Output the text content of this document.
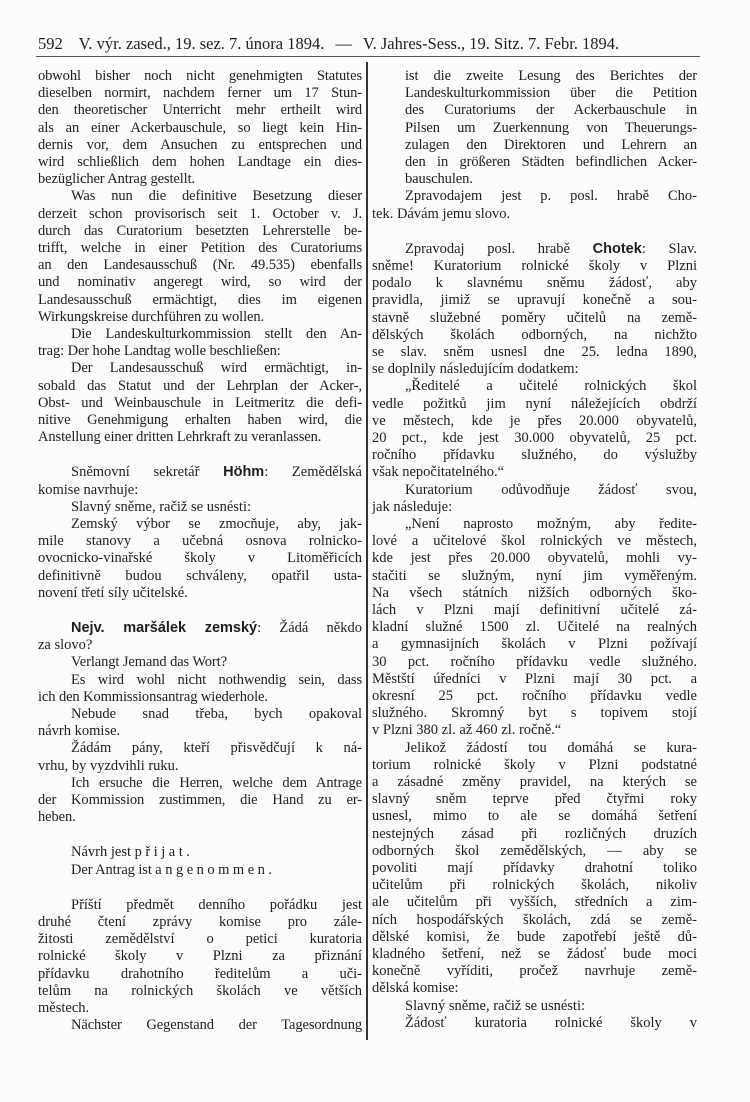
592 V. výr. zased., 19. sez. 7. února 1894. — V. Jahres-Sess., 19. Sitz. 7. Febr. 1894.
obwohl bisher noch nicht genehmigten Statutes
dieselben normirt, nachdem ferner um 17 Stun-
den theoretischer Unterricht mehr ertheilt wird
als an einer Ackerbauschule, so liegt kein Hin-
dernis vor, dem Ansuchen zu entsprechen und
wird schließlich dem hohen Landtage ein dies-
bezüglicher Antrag gestellt.
Was nun die definitive Besetzung dieser
derzeit schon provisorisch seit 1. October v. J.
durch das Curatorium besetzten Lehrerstelle be-
trifft, welche in einer Petition des Curatoriums
an den Landesausschuß (Nr. 49.535) ebenfalls
und nominativ angeregt wird, so wird der
Landesausschuß ermächtigt, dies im eigenen
Wirkungskreise durchführen zu wollen.
Die Landeskulturkommission stellt den An-
trag: Der hohe Landtag wolle beschließen:
Der Landesausschuß wird ermächtigt, in-
sobald das Statut und der Lehrplan der Acker-,
Obst- und Weinbauschule in Leitmeritz die defi-
nitive Genehmigung erhalten haben wird, die
Anstellung einer dritten Lehrkraft zu veranlassen.
Sněmovní sekretář Höhm: Zemědělská
komise navrhuje:
Slavný sněme, račiž se usnésti:
Zemský výbor se zmocňuje, aby, jak-
mile stanovy a učebná osnova rolnicko-
ovocnicko-vinařské školy v Litoměřicích
definitivně budou schváleny, opatřil usta-
novení třetí síly učitelské.
Nejv. maršálek zemský: Žádá někdo
za slovo?
Verlangt Jemand das Wort?
Es wird wohl nicht nothwendig sein, dass
ich den Kommissionsantrag wiederhole.
Nebude snad třeba, bych opakoval
návrh komise.
Žádám pány, kteří přisvědčují k ná-
vrhu, by vyzdvihli ruku.
Ich ersuche die Herren, welche dem Antrage
der Kommission zustimmen, die Hand zu er-
heben.
Návrh jest přijat.
Der Antrag ist angenommen.
Příští předmět denního pořádku jest
druhé čtení zprávy komise pro zále-
žitosti zemědělství o petici kuratoria
rolnické školy v Plzni za přiznání
přídavku drahotního ředitelům a uči-
telům na rolnických školách ve větších
městech.
Nächster Gegenstand der Tagesordnung
ist die zweite Lesung des Berichtes der
Landeskulturkommission über die Petition
des Curatoriums der Ackerbauschule in
Pilsen um Zuerkennung von Theuerungs-
zulagen den Direktoren und Lehrern an
den in größeren Städten befindlichen Acker-
bauschulen.
Zpravodajem jest p. posl. hrabě Cho-
tek. Dávám jemu slovo.
Zpravodaj posl. hrabě Chotek: Slav.
sněme! Kuratorium rolnické školy v Plzni
podalo k slavnému sněmu žádosť, aby
pravidla, jimiž se upravují konečně a sou-
stavně služebné poměry učitelů na země-
dělských školách odborných, na nichžto
se slav. sněm usnesl dne 25. ledna 1890,
se doplnily následujícím dodatkem:
„Ředitelé a učitelé rolnických škol
vedle požitků jim nyní náležejících obdrží
ve městech, kde je přes 20.000 obyvatelů,
20 pct., kde jest 30.000 obyvatelů, 25 pct.
ročního přídavku služného, do výslužby
však nepočitatelného.“
Kuratorium odůvodňuje žádosť svou,
jak následuje:
„Není naprosto možným, aby ředite-
lové a učitelové škol rolnických ve městech,
kde jest přes 20.000 obyvatelů, mohli vy-
stačiti se služným, nyní jim vyměřeným.
Na všech státních nižších odborných ško-
lách v Plzni mají definitivní učitelé zá-
kladní služné 1500 zl. Učitelé na realných
a gymnasijních školách v Plzni požívají
30 pct. ročního přídavku vedle služného.
Městští úředníci v Plzni mají 30 pct. a
okresní 25 pct. ročního přídavku vedle
služného. Skromný byt s topivem stojí
v Plzni 380 zl. až 460 zl. ročně.“
Jelikož žádostí tou domáhá se kura-
torium rolnické školy v Plzni podstatné
a zásadné změny pravidel, na kterých se
slavný sněm teprve před čtyřmi roky
usnesl, mimo to ale se domáhá šetření
nestejných zásad při rozličných druzích
odborných škol zemědělských, — aby se
povoliti mají přídavky drahotní toliko
učitelům při rolnických školách, nikoliv
ale učitelům při vyšších, středních a zim-
ních hospodářských školách, zdá se země-
dělské komisi, že bude zapotřebí ještě dů-
kladného šetření, než se žádosť bude moci
konečně vyříditi, pročež navrhuje země-
dělská komise:
Slavný sněme, račiž se usnésti:
Žádosť kuratoria rolnické školy v
